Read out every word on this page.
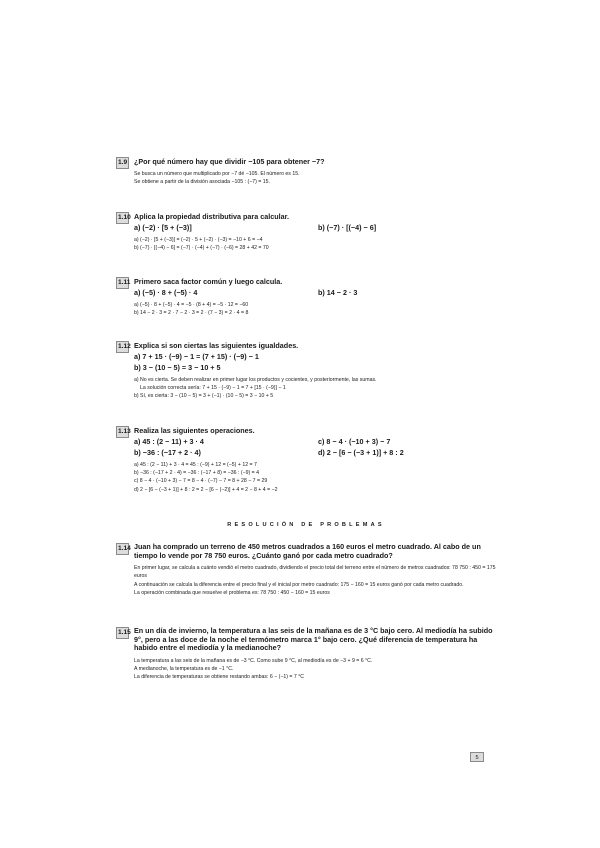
1.9 ¿Por qué número hay que dividir −105 para obtener −7?
Se busca un número que multiplicado por −7 dé −105. El número es 15.
Se obtiene a partir de la división asociada −105 : (−7) = 15.
1.10 Aplica la propiedad distributiva para calcular.
a) (−2) · [5 + (−3)]	b) (−7) · [(−4) − 6]
a) (−2) · [5 + (−3)] = (−2) · 5 + (−2) · (−3) = −10 + 6 = −4
b) (−7) · [(−4) − 6] = (−7) · (−4) + (−7) · (−6) = 28 + 42 = 70
1.11 Primero saca factor común y luego calcula.
a) (−5) · 8 + (−5) · 4	b) 14 − 2 · 3
a) (−5) · 8 + (−5) · 4 = −5 · (8 + 4) = −5 · 12 = −60
b) 14 − 2 · 3 = 2 · 7 − 2 · 3 = 2 · (7 − 3) = 2 · 4 = 8
1.12 Explica si son ciertas las siguientes igualdades.
a) 7 + 15 · (−9) − 1 = (7 + 15) · (−9) − 1
b) 3 − (10 − 5) = 3 − 10 + 5
a) No es cierta. Se deben realizar en primer lugar los productos y cocientes, y posteriormente, las sumas.
La solución correcta sería: 7 + 15 · (−9) − 1 = 7 + [15 · (−9)] − 1
b) Sí, es cierta: 3 − (10 − 5) = 3 + (−1) · (10 − 5) = 3 − 10 + 5
1.13 Realiza las siguientes operaciones.
a) 45 : (2 − 11) + 3 · 4	c) 8 − 4 · (−10 + 3) − 7
b) −36 : (−17 + 2 · 4)	d) 2 − [6 − (−3 + 1)] + 8 : 2
a) 45 : (2 − 11) + 3 · 4 = 45 : (−9) + 12 = (−5) + 12 = 7
b) −36 : (−17 + 2 · 4) = −36 : (−17 + 8) = −36 : (−9) = 4
c) 8 − 4 · (−10 + 3) − 7 = 8 − 4 · (−7) − 7 = 8 + 28 − 7 = 29
d) 2 − [6 − (−3 + 1)] + 8 : 2 = 2 − [6 − (−2)] + 4 = 2 − 8 + 4 = −2
RESOLUCIÓN DE PROBLEMAS
1.14 Juan ha comprado un terreno de 450 metros cuadrados a 160 euros el metro cuadrado. Al cabo de un tiempo lo vende por 78 750 euros. ¿Cuánto ganó por cada metro cuadrado?
En primer lugar, se calcula a cuánto vendió el metro cuadrado, dividiendo el precio total del terreno entre el número de metros cuadrados: 78 750 : 450 = 175 euros
A continuación se calcula la diferencia entre el precio final y el inicial por metro cuadrado: 175 − 160 = 15 euros ganó por cada metro cuadrado.
La operación combinada que resuelve el problema es: 78 750 : 450 − 160 = 15 euros
1.15 En un día de invierno, la temperatura a las seis de la mañana es de 3 °C bajo cero. Al mediodía ha subido 9°, pero a las doce de la noche el termómetro marca 1° bajo cero. ¿Qué diferencia de temperatura ha habido entre el mediodía y la medianoche?
La temperatura a las seis de la mañana es de −3 °C. Como sube 9 °C, al mediodía es de −3 + 9 = 6 °C.
A medianoche, la temperatura es de −1 °C.
La diferencia de temperaturas se obtiene restando ambas: 6 − (−1) = 7 °C
5
